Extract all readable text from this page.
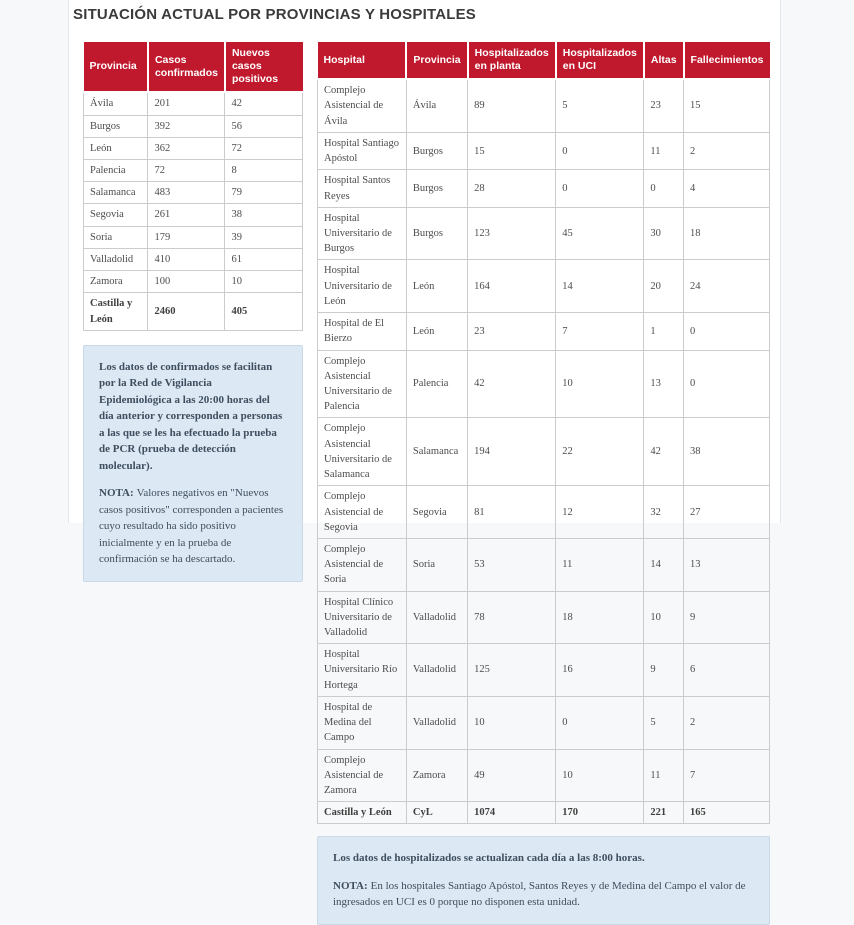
SITUACIÓN ACTUAL POR PROVINCIAS Y HOSPITALES
Provincia	Casos confirmados	Nuevos casos positivos
Ávila	201	42
Burgos	392	56
León	362	72
Palencia	72	8
Salamanca	483	79
Segovia	261	38
Soria	179	39
Valladolid	410	61
Zamora	100	10
Castilla y León	2460	405

Los datos de confirmados se facilitan por la Red de Vigilancia Epidemiológica a las 20:00 horas del día anterior y corresponden a personas a las que se les ha efectuado la prueba de PCR (prueba de detección molecular).

NOTA: Valores negativos en "Nuevos casos positivos" corresponden a pacientes cuyo resultado ha sido positivo inicialmente y en la prueba de confirmación se ha descartado.

Hospital	Provincia	Hospitalizados en planta	Hospitalizados en UCI	Altas	Fallecimientos
Complejo Asistencial de Ávila	Ávila	89	5	23	15
Hospital Santiago Apóstol	Burgos	15	0	11	2
Hospital Santos Reyes	Burgos	28	0	0	4
Hospital Universitario de Burgos	Burgos	123	45	30	18
Hospital Universitario de León	León	164	14	20	24
Hospital de El Bierzo	León	23	7	1	0
Complejo Asistencial Universitario de Palencia	Palencia	42	10	13	0
Complejo Asistencial Universitario de Salamanca	Salamanca	194	22	42	38
Complejo Asistencial de Segovia	Segovia	81	12	32	27
Complejo Asistencial de Soria	Soria	53	11	14	13
Hospital Clínico Universitario de Valladolid	Valladolid	78	18	10	9
Hospital Universitario Río Hortega	Valladolid	125	16	9	6
Hospital de Medina del Campo	Valladolid	10	0	5	2
Complejo Asistencial de Zamora	Zamora	49	10	11	7
Castilla y León	CyL	1074	170	221	165

Los datos de hospitalizados se actualizan cada día a las 8:00 horas.

NOTA: En los hospitales Santiago Apóstol, Santos Reyes y de Medina del Campo el valor de ingresados en UCI es 0 porque no disponen esta unidad.
